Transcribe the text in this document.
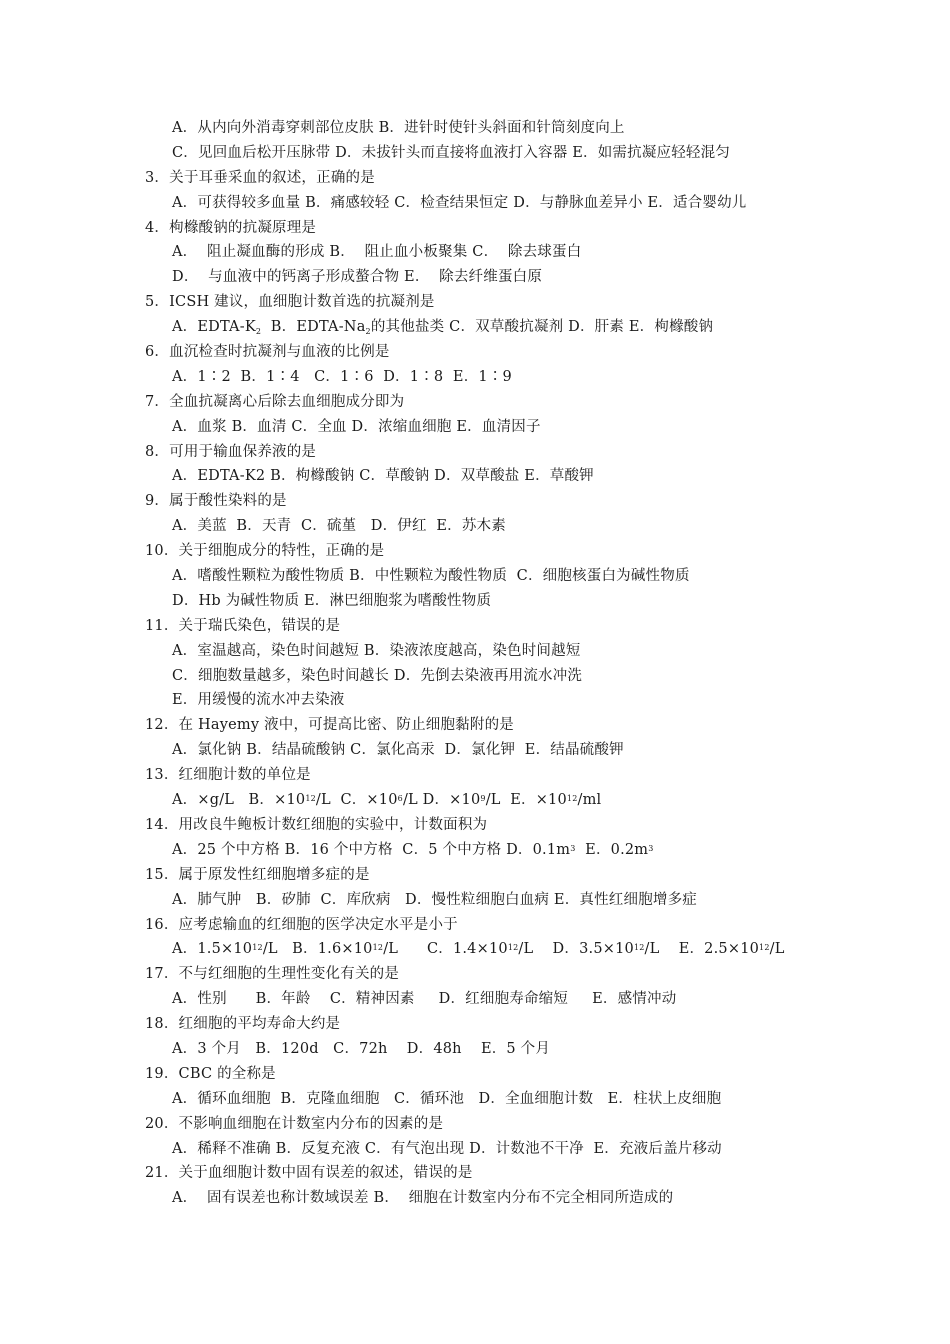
A．从内向外消毒穿刺部位皮肤 B．进针时使针头斜面和针筒刻度向上
C．见回血后松开压脉带 D．未拔针头而直接将血液打入容器 E．如需抗凝应轻轻混匀
3．关于耳垂采血的叙述，正确的是
A．可获得较多血量 B．痛感较轻 C．检查结果恒定 D．与静脉血差异小 E．适合婴幼儿
4．枸橼酸钠的抗凝原理是
A．  阻止凝血酶的形成 B．  阻止血小板聚集 C．  除去球蛋白
D．  与血液中的钙离子形成螯合物 E．  除去纤维蛋白原
5．ICSH 建议，血细胞计数首选的抗凝剂是
A．EDTA-$K_2$  B．EDTA-$Na_2$的其他盐类 C．双草酸抗凝剂 D．肝素 E．枸橼酸钠
6．血沉检查时抗凝剂与血液的比例是
A．1∶2  B．1∶4   C．1∶6  D．1∶8  E．1∶9
7．全血抗凝离心后除去血细胞成分即为
A．血浆 B．血清 C．全血 D．浓缩血细胞 E．血清因子
8．可用于输血保养液的是
A．EDTA-K2 B．枸橼酸钠 C．草酸钠 D．双草酸盐 E．草酸钾
9．属于酸性染料的是
A．美蓝  B．天青  C．硫堇   D．伊红  E．苏木素
10．关于细胞成分的特性，正确的是
A．嗜酸性颗粒为酸性物质 B．中性颗粒为酸性物质  C．细胞核蛋白为碱性物质
D．Hb 为碱性物质 E．淋巴细胞浆为嗜酸性物质
11．关于瑞氏染色，错误的是
A．室温越高，染色时间越短 B．染液浓度越高，染色时间越短
C．细胞数量越多，染色时间越长 D．先倒去染液再用流水冲洗
E．用缓慢的流水冲去染液
12．在 Hayemy 液中，可提高比密、防止细胞黏附的是
A．氯化钠 B．结晶硫酸钠 C．氯化高汞  D．氯化钾  E．结晶硫酸钾
13．红细胞计数的单位是
A．×g/L   B．$\times 10^{12}/L$  C．$\times 10^6/L$ D．$\times 10^9/L$  E．$\times 10^{12}/ml$
14．用改良牛鲍板计数红细胞的实验中，计数面积为
A．25 个中方格 B．16 个中方格  C．5 个中方格 D．$0.1m^3$  E．$0.2m^3$
15．属于原发性红细胞增多症的是
A．肺气肿   B．矽肺  C．库欣病   D．慢性粒细胞白血病 E．真性红细胞增多症
16．应考虑输血的红细胞的医学决定水平是小于
A．$1.5\times 10^{12}/L$   B．$1.6\times 10^{12}/L$      C．$1.4\times 10^{12}/L$    D．$3.5\times 10^{12}/L$    E．$2.5\times 10^{12}/L$
17．不与红细胞的生理性变化有关的是
A．性别      B．年龄    C．精神因素     D．红细胞寿命缩短     E．感情冲动
18．红细胞的平均寿命大约是
A．3 个月   B．120d   C．72h    D．48h    E．5 个月
19．CBC 的全称是
A．循环血细胞  B．克隆血细胞   C．循环池   D．全血细胞计数   E．柱状上皮细胞
20．不影响血细胞在计数室内分布的因素的是
A．稀释不准确 B．反复充液 C．有气泡出现 D．计数池不干净  E．充液后盖片移动
21．关于血细胞计数中固有误差的叙述，错误的是
A．  固有误差也称计数域误差 B．  细胞在计数室内分布不完全相同所造成的
